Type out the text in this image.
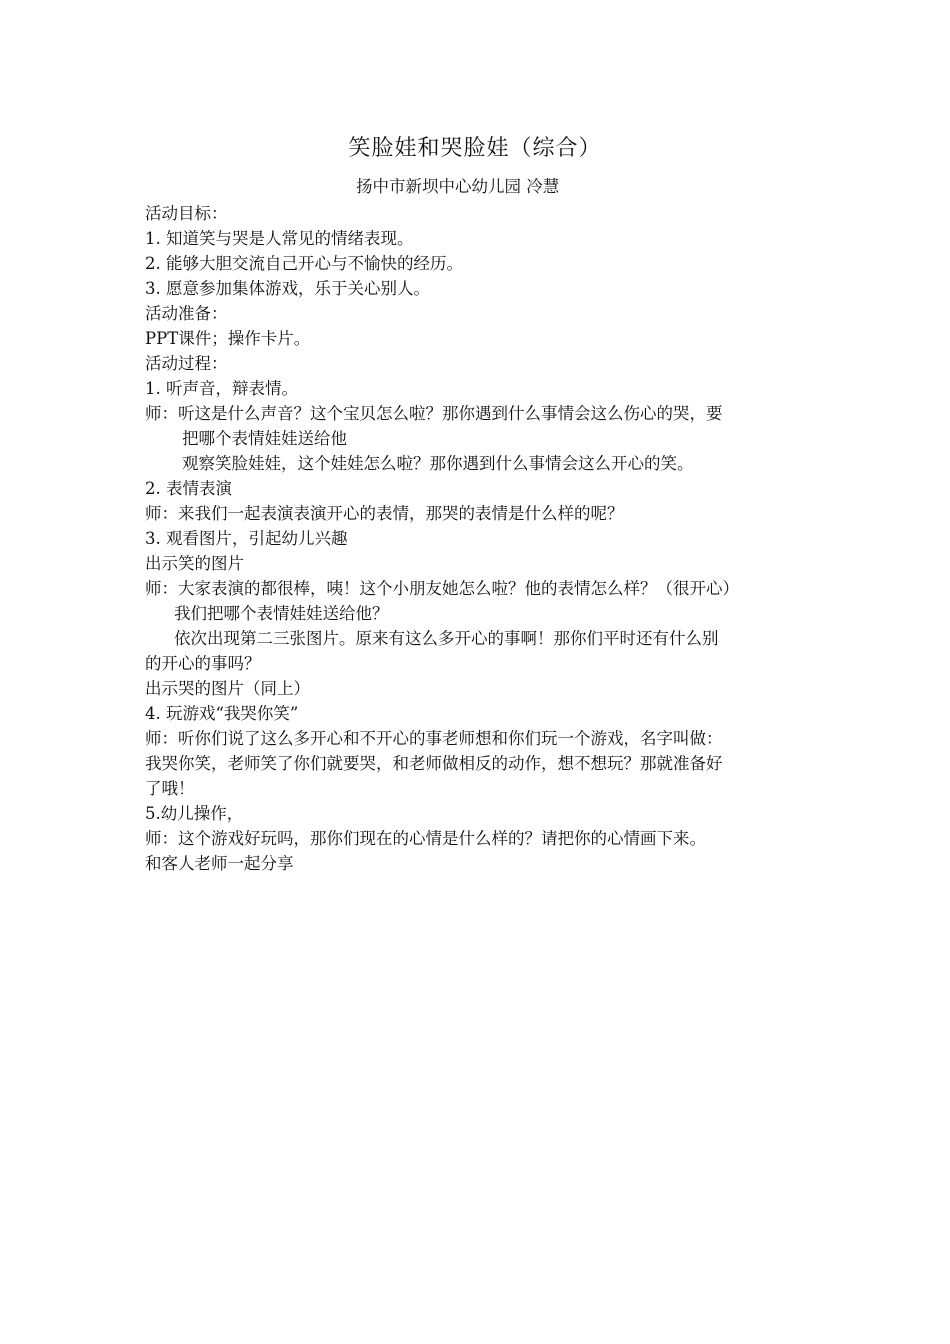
笑脸娃和哭脸娃（综合）
扬中市新坝中心幼儿园 冷慧
活动目标：
1. 知道笑与哭是人常见的情绪表现。
2. 能够大胆交流自己开心与不愉快的经历。
3. 愿意参加集体游戏，乐于关心别人。
活动准备：
PPT课件；操作卡片。
活动过程：
1. 听声音，辩表情。
师：听这是什么声音？这个宝贝怎么啦？那你遇到什么事情会这么伤心的哭，要
把哪个表情娃娃送给他
观察笑脸娃娃，这个娃娃怎么啦？那你遇到什么事情会这么开心的笑。
2. 表情表演
师：来我们一起表演表演开心的表情，那哭的表情是什么样的呢？
3. 观看图片，引起幼儿兴趣
出示笑的图片
师：大家表演的都很棒，咦！这个小朋友她怎么啦？他的表情怎么样？（很开心）
我们把哪个表情娃娃送给他？
依次出现第二三张图片。原来有这么多开心的事啊！那你们平时还有什么别
的开心的事吗？
出示哭的图片（同上）
4. 玩游戏“我哭你笑”
师：听你们说了这么多开心和不开心的事老师想和你们玩一个游戏，名字叫做：
我哭你笑，老师笑了你们就要哭，和老师做相反的动作，想不想玩？那就准备好
了哦！
5.幼儿操作，
师：这个游戏好玩吗，那你们现在的心情是什么样的？请把你的心情画下来。
和客人老师一起分享
